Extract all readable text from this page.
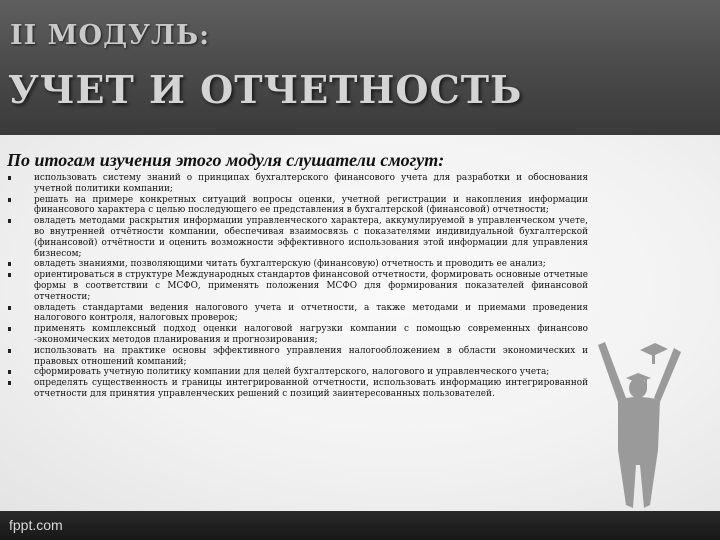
II МОДУЛЬ:
УЧЕТ И ОТЧЕТНОСТЬ

По итогам изучения этого модуля слушатели смогут:

использовать систему знаний о принципах бухгалтерского финансового учета для разработки и обоснования учетной политики компании;
решать на примере конкретных ситуаций вопросы оценки, учетной регистрации и накопления информации финансового характера с целью последующего ее представления в бухгалтерской (финансовой) отчетности;
овладеть методами раскрытия информации управленческого характера, аккумулируемой в управленческом учете, во внутренней отчётности компании, обеспечивая взаимосвязь с показателями индивидуальной бухгалтерской (финансовой) отчётности и оценить возможности эффективного использования этой информации для управления бизнесом;
овладеть знаниями, позволяющими читать бухгалтерскую (финансовую) отчетность и проводить ее анализ;
ориентироваться в структуре Международных стандартов финансовой отчетности, формировать основные отчетные формы в соответствии с МСФО, применять положения МСФО для формирования показателей финансовой отчетности;
овладеть стандартами ведения налогового учета и отчетности, а также методами и приемами проведения налогового контроля, налоговых проверок;
применять комплексный подход оценки налоговой нагрузки компании с помощью современных финансово -экономических методов планирования и прогнозирования;
использовать на практике основы эффективного управления налогообложением в области экономических и правовых отношений компаний;
сформировать учетную политику компании для целей бухгалтерского, налогового и управленческого учета;
определять существенность и границы интегрированной отчетности, использовать информацию интегрированной отчетности для принятия управленческих решений с позиций заинтересованных пользователей.
fppt.com
